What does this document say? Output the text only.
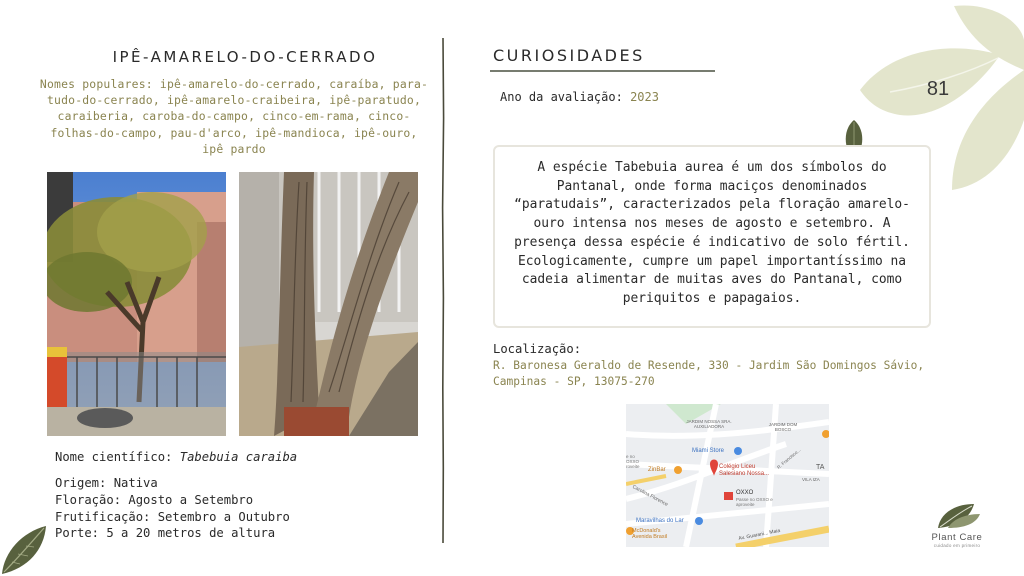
IPÊ-AMARELO-DO-CERRADO
Nomes populares: ipê-amarelo-do-cerrado, caraíba, para-tudo-do-cerrado, ipê-amarelo-craibeira, ipê-paratudo, caraiberia, caroba-do-campo, cinco-em-rama, cinco-folhas-do-campo, pau-d'arco, ipê-mandioca, ipê-ouro, ipê pardo
Nome científico: Tabebuia caraiba
Origem: Nativa
Floração: Agosto a Setembro
Frutificação: Setembro a Outubro
Porte: 5 a 20 metros de altura
CURIOSIDADES
Ano da avaliação: 2023	81
A espécie Tabebuia aurea é um dos símbolos do Pantanal, onde forma maciços denominados “paratudais”, caracterizados pela floração amarelo-ouro intensa nos meses de agosto e setembro. A presença dessa espécie é indicativo de solo fértil. Ecologicamente, cumpre um papel importantíssimo na cadeia alimentar de muitas aves do Pantanal, como periquitos e papagaios.
Localização:
R. Baronesa Geraldo de Resende, 330 - Jardim São Domingos Sávio, Campinas - SP, 13075-270
JARDIM NOSSA SRA. AUXILIADORA	JARDIM DOM BOSCO
Miami Store
ZinBar	Colégio Liceu Salesiano Nossa...
OXXO
Passe no OXXO e aproveite
Maravilhas do Lar
McDonald's Avenida Brasil
VILA IZA
TA
e no OXXO roveite
Carolina Florence
R. Francisco...
Av. Guarani... Maia	Plant Care
cuidado em primeiro
